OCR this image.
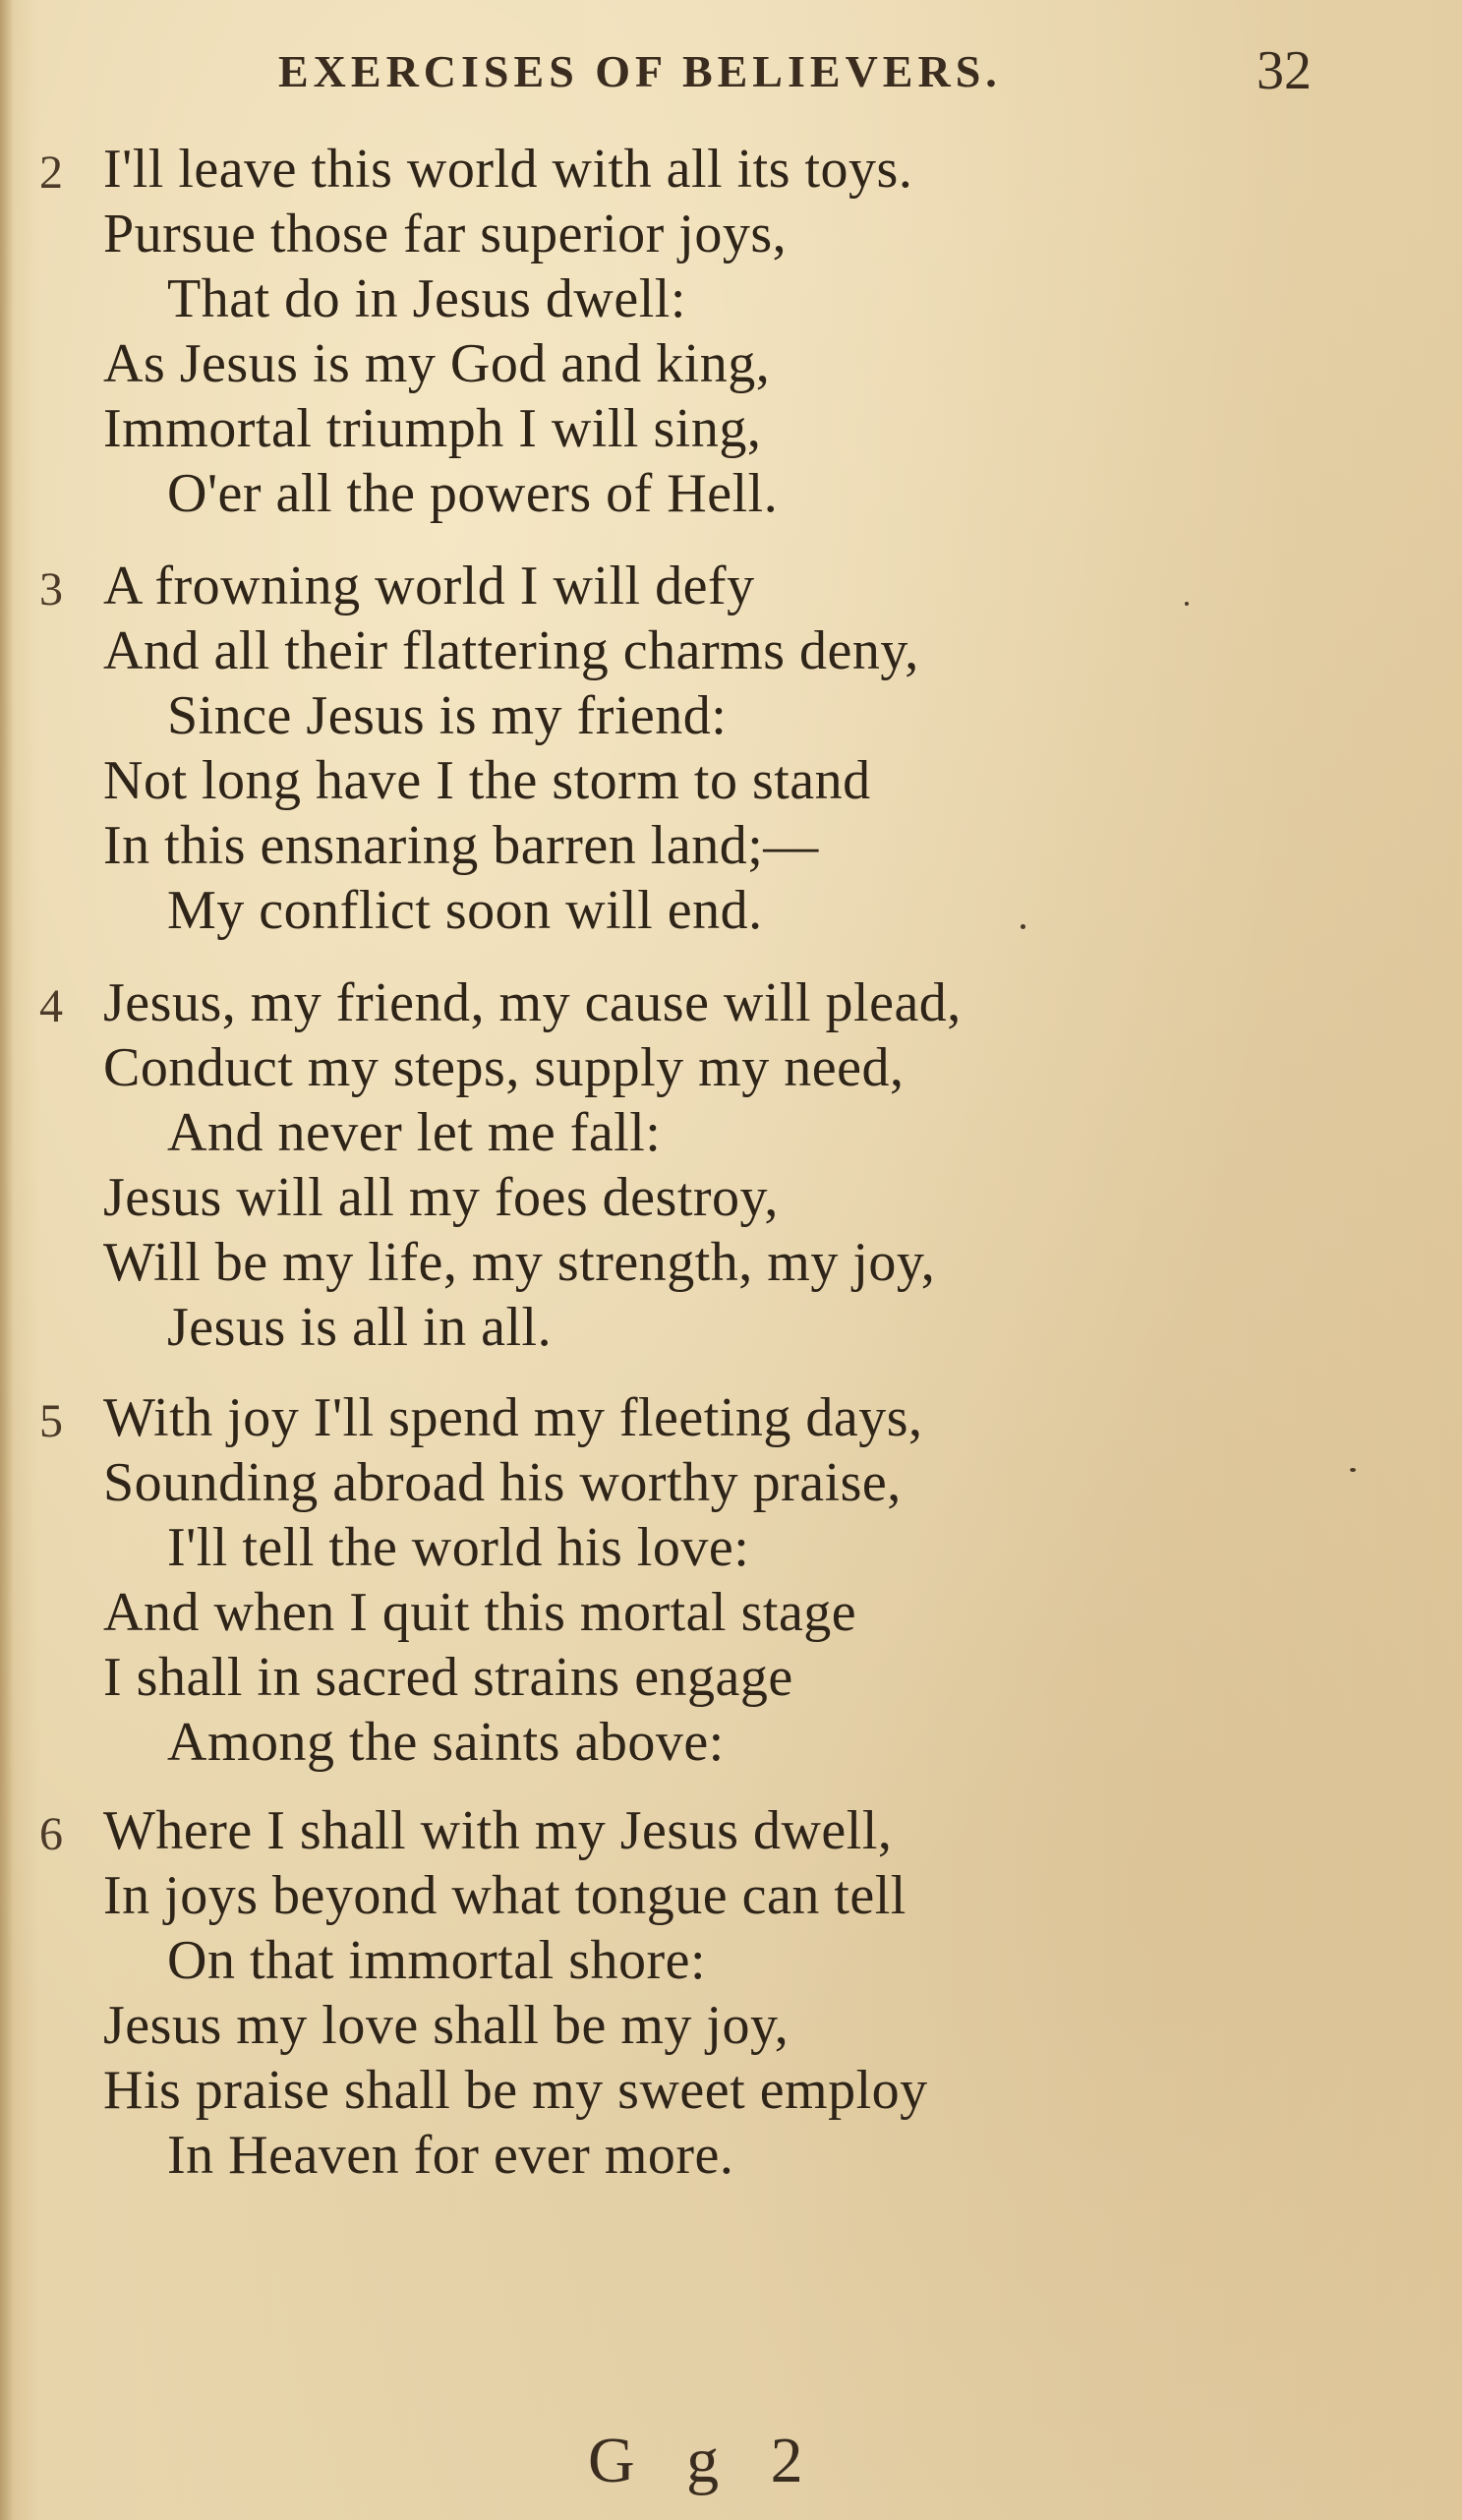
EXERCISES OF BELIEVERS.	32
2 I'll leave this world with all its toys.
Pursue those far superior joys,
That do in Jesus dwell:
As Jesus is my God and king,
Immortal triumph I will sing,
O'er all the powers of Hell.
3 A frowning world I will defy
And all their flattering charms deny,
Since Jesus is my friend:
Not long have I the storm to stand
In this ensnaring barren land;—
My conflict soon will end.
4 Jesus, my friend, my cause will plead,
Conduct my steps, supply my need,
And never let me fall:
Jesus will all my foes destroy,
Will be my life, my strength, my joy,
Jesus is all in all.
5 With joy I'll spend my fleeting days,
Sounding abroad his worthy praise,
I'll tell the world his love:
And when I quit this mortal stage
I shall in sacred strains engage
Among the saints above:
6 Where I shall with my Jesus dwell,
In joys beyond what tongue can tell
On that immortal shore:
Jesus my love shall be my joy,
His praise shall be my sweet employ
In Heaven for ever more.
G g 2
